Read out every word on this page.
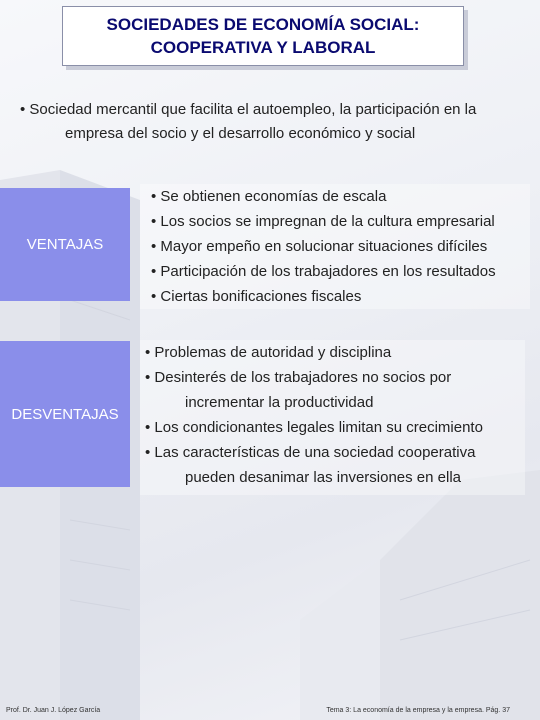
SOCIEDADES DE ECONOMÍA SOCIAL:
COOPERATIVA Y LABORAL
• Sociedad mercantil que facilita el autoempleo, la participación en la
empresa del socio y el desarrollo económico y social
VENTAJAS
• Se obtienen economías de escala
• Los socios se impregnan de la cultura empresarial
• Mayor empeño en solucionar situaciones difíciles
• Participación de los trabajadores en los resultados
• Ciertas bonificaciones fiscales
DESVENTAJAS
• Problemas de autoridad y disciplina
• Desinterés de los trabajadores no socios por
incrementar la productividad
• Los condicionantes legales limitan su crecimiento
• Las características de una sociedad cooperativa
pueden desanimar las inversiones en ella
Prof. Dr. Juan J. López García	Tema 3: La economía de la empresa y la empresa. Pág. 37
